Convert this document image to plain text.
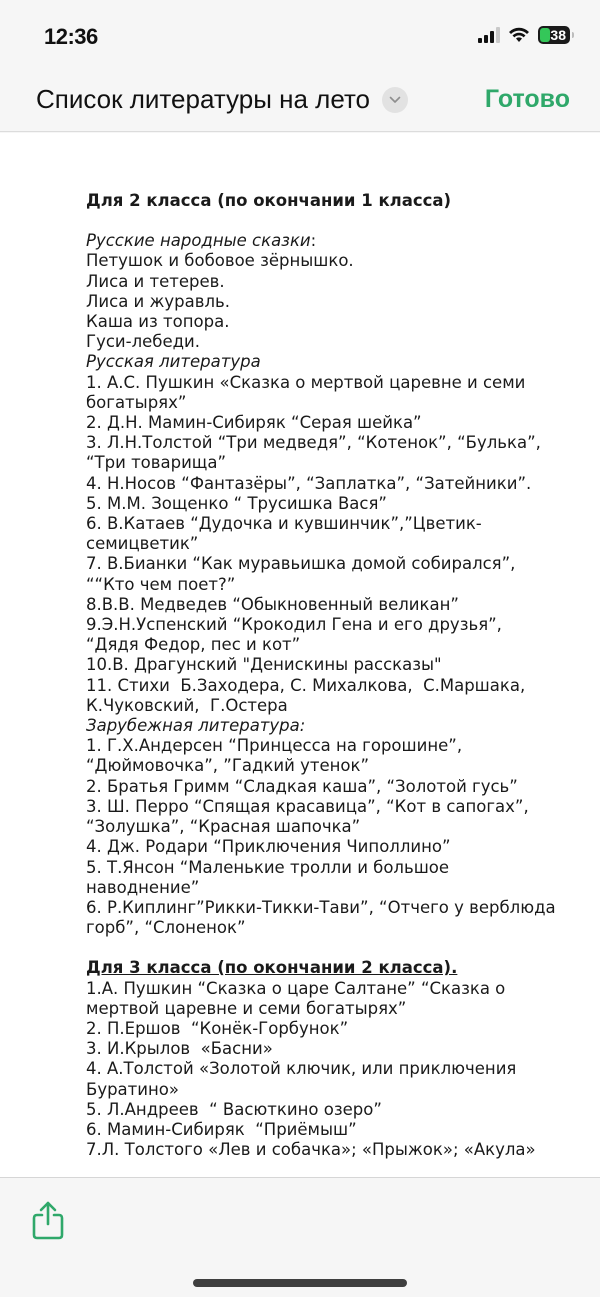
12:36	38
Список литературы на лето	Готово
Для 2 класса (по окончании 1 класса)
Русские народные сказки:
Петушок и бобовое зёрнышко.
Лиса и тетерев.
Лиса и журавль.
Каша из топора.
Гуси-лебеди.
Русская литература
1. А.С. Пушкин «Сказка о мертвой царевне и семи богатырях”
2. Д.Н. Мамин-Сибиряк “Серая шейка”
3. Л.Н.Толстой “Три медведя”, “Котенок”, “Булька”, “Три товарища”
4. Н.Носов “Фантазёры”, “Заплатка”, “Затейники”.
5. М.М. Зощенко “ Трусишка Вася”
6. В.Катаев “Дудочка и кувшинчик”,”Цветик-семицветик”
7. В.Бианки “Как муравьишка домой собирался”, ““Кто чем поет?”
8.В.В. Медведев “Обыкновенный великан”
9.Э.Н.Успенский “Крокодил Гена и его друзья”, “Дядя Федор, пес и кот”
10.В. Драгунский "Денискины рассказы"
11. Стихи  Б.Заходера, С. Михалкова,  С.Маршака, К.Чуковский,  Г.Остера
Зарубежная литература:
1. Г.Х.Андерсен “Принцесса на горошине”, “Дюймовочка”, ”Гадкий утенок”
2. Братья Гримм “Сладкая каша”, “Золотой гусь”
3. Ш. Перро “Спящая красавица”, “Кот в сапогах”, “Золушка”, “Красная шапочка”
4. Дж. Родари “Приключения Чиполлино”
5. Т.Янсон “Маленькие тролли и большое наводнение”
6. Р.Киплинг”Рикки-Тикки-Тави”, “Отчего у верблюда горб”, “Слоненок”
Для 3 класса (по окончании 2 класса).
1.А. Пушкин “Сказка о царе Салтане” “Сказка о мертвой царевне и семи богатырях”
2. П.Ершов  “Конёк-Горбунок”
3. И.Крылов  «Басни»
4. А.Толстой «Золотой ключик, или приключения Буратино»
5. Л.Андреев  “ Васюткино озеро”
6. Мамин-Сибиряк  “Приёмыш”
7.Л. Толстого «Лев и собачка»; «Прыжок»; «Акула»
